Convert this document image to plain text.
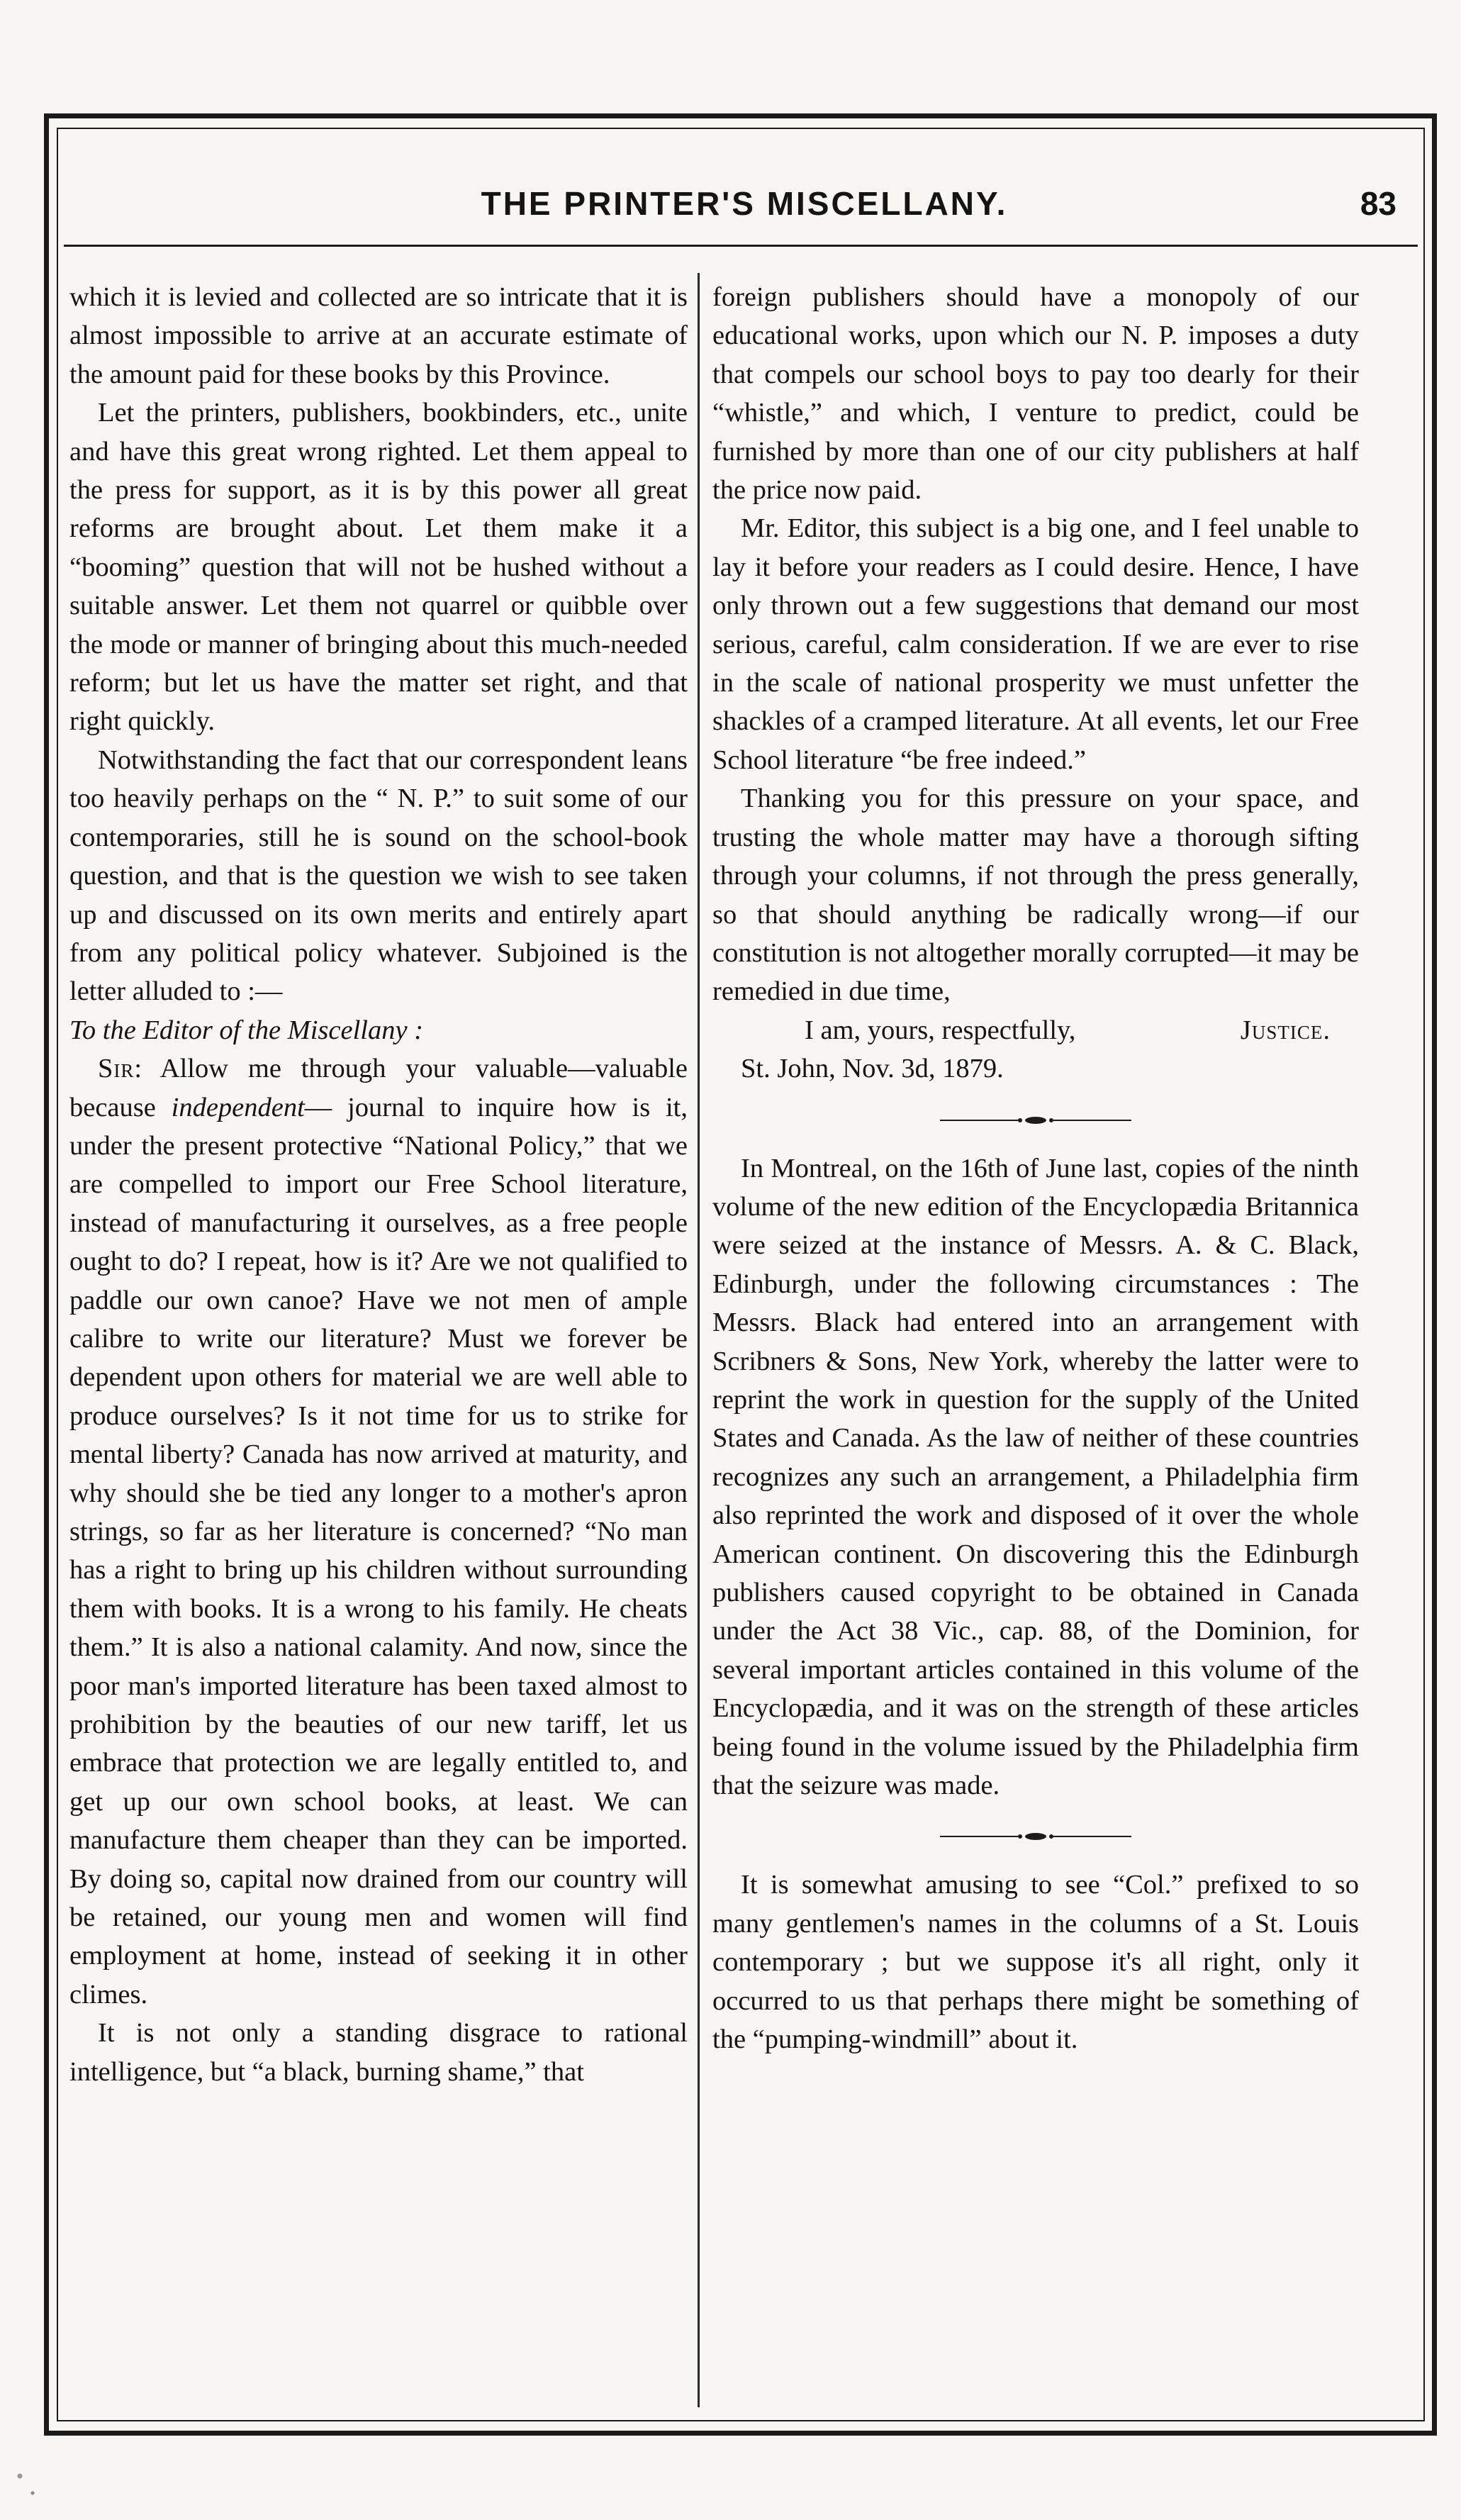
THE PRINTER'S MISCELLANY.	83

which it is levied and collected are so intricate that it is almost impossible to arrive at an accurate estimate of the amount paid for these books by this Province.

Let the printers, publishers, bookbinders, etc., unite and have this great wrong righted. Let them appeal to the press for support, as it is by this power all great reforms are brought about. Let them make it a “booming” question that will not be hushed without a suitable answer. Let them not quarrel or quibble over the mode or manner of bringing about this much-needed reform; but let us have the matter set right, and that right quickly.

Notwithstanding the fact that our correspondent leans too heavily perhaps on the “ N. P.” to suit some of our contemporaries, still he is sound on the school-book question, and that is the question we wish to see taken up and discussed on its own merits and entirely apart from any political policy whatever. Subjoined is the letter alluded to :—

To the Editor of the Miscellany :

Sir: Allow me through your valuable—valuable because independent— journal to inquire how is it, under the present protective “National Policy,” that we are compelled to import our Free School literature, instead of manufacturing it ourselves, as a free people ought to do? I repeat, how is it? Are we not qualified to paddle our own canoe? Have we not men of ample calibre to write our literature? Must we forever be dependent upon others for material we are well able to produce ourselves? Is it not time for us to strike for mental liberty? Canada has now arrived at maturity, and why should she be tied any longer to a mother's apron strings, so far as her literature is concerned? “No man has a right to bring up his children without surrounding them with books. It is a wrong to his family. He cheats them.” It is also a national calamity. And now, since the poor man's imported literature has been taxed almost to prohibition by the beauties of our new tariff, let us embrace that protection we are legally entitled to, and get up our own school books, at least. We can manufacture them cheaper than they can be imported. By doing so, capital now drained from our country will be retained, our young men and women will find employment at home, instead of seeking it in other climes.

It is not only a standing disgrace to rational intelligence, but “a black, burning shame,” that

foreign publishers should have a monopoly of our educational works, upon which our N. P. imposes a duty that compels our school boys to pay too dearly for their “whistle,” and which, I venture to predict, could be furnished by more than one of our city publishers at half the price now paid.

Mr. Editor, this subject is a big one, and I feel unable to lay it before your readers as I could desire. Hence, I have only thrown out a few suggestions that demand our most serious, careful, calm consideration. If we are ever to rise in the scale of national prosperity we must unfetter the shackles of a cramped literature. At all events, let our Free School literature “be free indeed.”

Thanking you for this pressure on your space, and trusting the whole matter may have a thorough sifting through your columns, if not through the press generally, so that should anything be radically wrong—if our constitution is not altogether morally corrupted—it may be remedied in due time,

I am, yours, respectfully,	Justice.

St. John, Nov. 3d, 1879.

In Montreal, on the 16th of June last, copies of the ninth volume of the new edition of the Encyclopædia Britannica were seized at the instance of Messrs. A. & C. Black, Edinburgh, under the following circumstances : The Messrs. Black had entered into an arrangement with Scribners & Sons, New York, whereby the latter were to reprint the work in question for the supply of the United States and Canada. As the law of neither of these countries recognizes any such an arrangement, a Philadelphia firm also reprinted the work and disposed of it over the whole American continent. On discovering this the Edinburgh publishers caused copyright to be obtained in Canada under the Act 38 Vic., cap. 88, of the Dominion, for several important articles contained in this volume of the Encyclopædia, and it was on the strength of these articles being found in the volume issued by the Philadelphia firm that the seizure was made.

It is somewhat amusing to see “Col.” prefixed to so many gentlemen's names in the columns of a St. Louis contemporary ; but we suppose it's all right, only it occurred to us that perhaps there might be something of the “pumping-windmill” about it.
